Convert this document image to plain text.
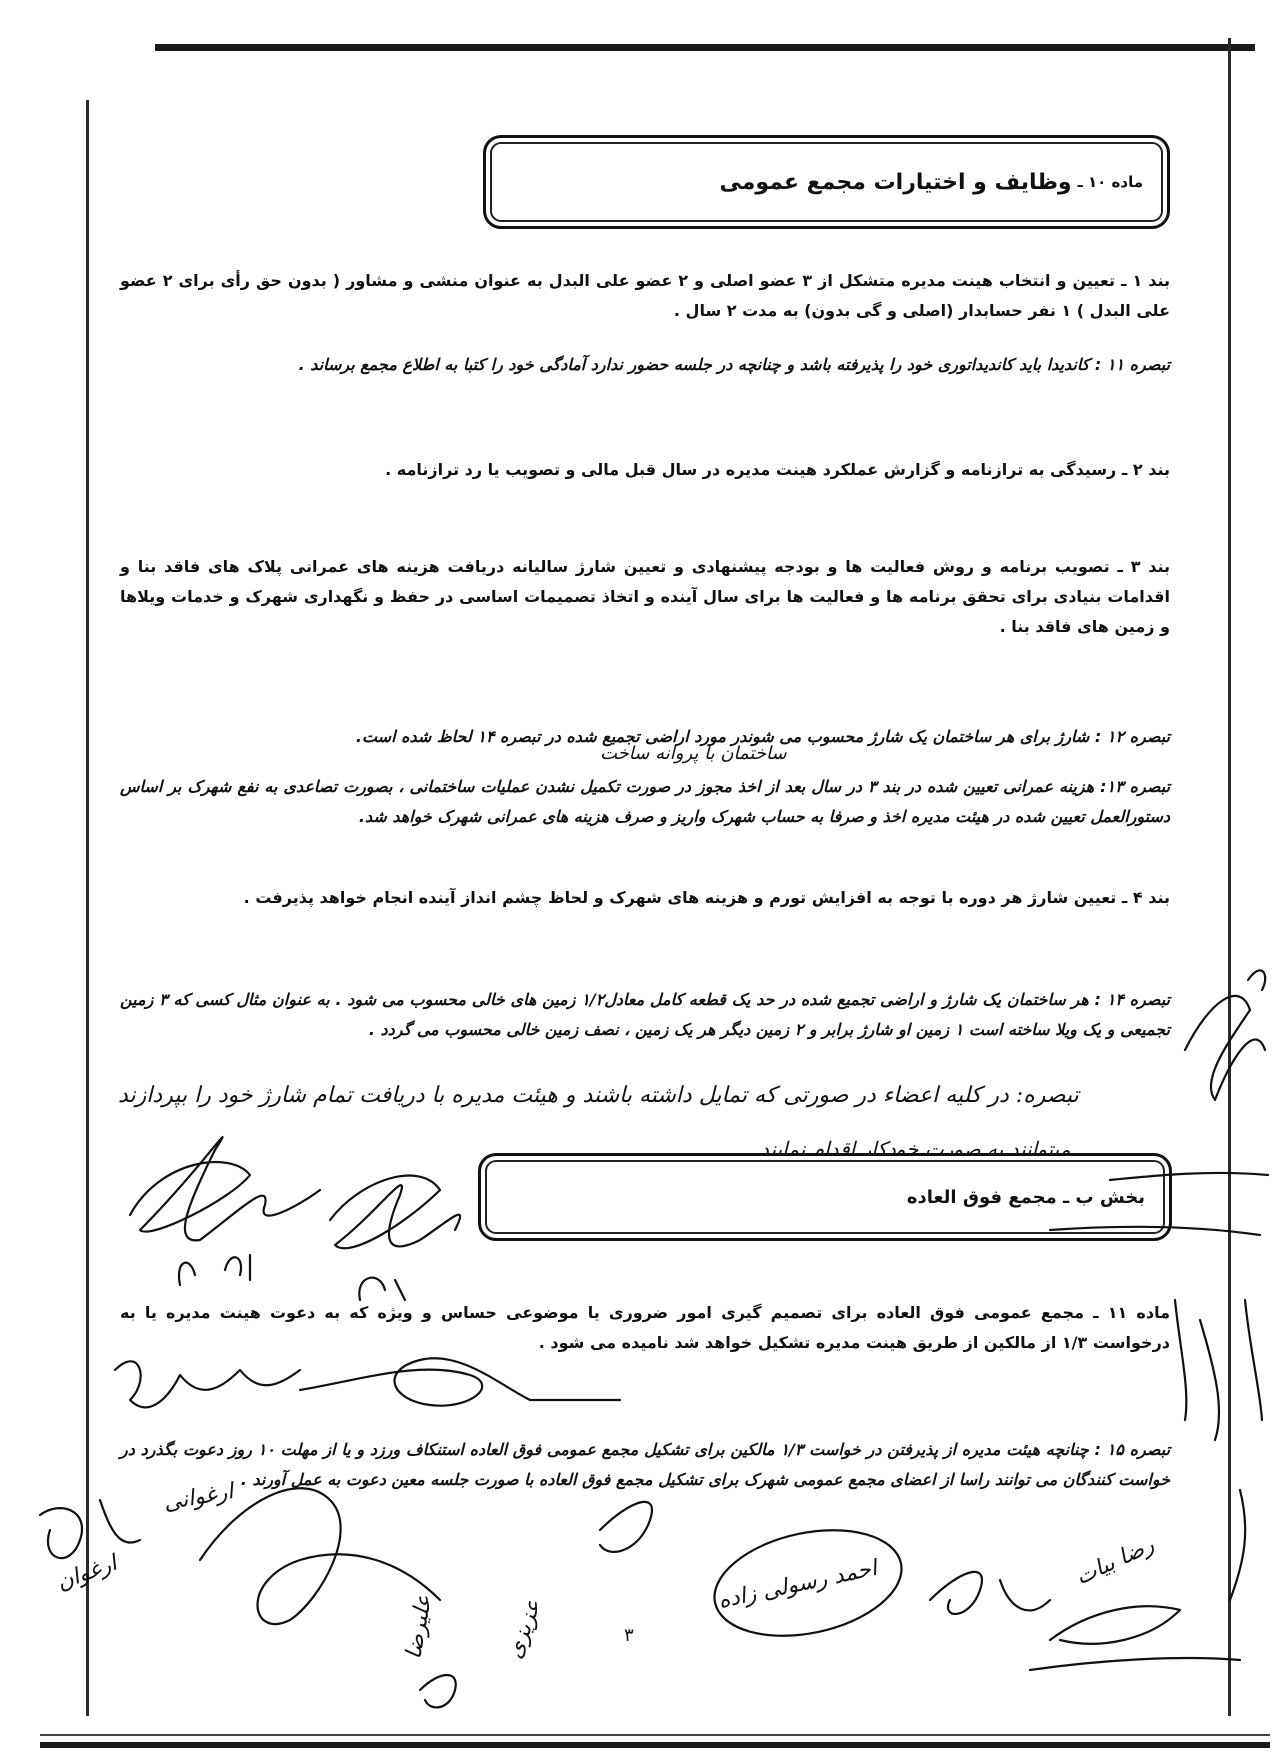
ماده ۱۰ ـ
وظایف و اختیارات مجمع عمومی
بند ۱ ـ تعیین و انتخاب هینت مدیره متشکل از ۳ عضو اصلی و ۲ عضو علی البدل به عنوان منشی و مشاور ( بدون حق رأی برای ۲ عضو علی البدل ) ۱ نفر حسابدار (اصلی و گی بدون) به مدت ۲ سال .
تبصره ۱۱ : کاندیدا باید کاندیداتوری خود را پذیرفته باشد و چنانچه در جلسه حضور ندارد آمادگی خود را کتبا به اطلاع مجمع برساند .
بند ۲ ـ رسیدگی به ترازنامه و گزارش عملکرد هینت مدیره در سال قبل مالی و تصویب یا رد ترازنامه .
بند ۳ ـ تصویب برنامه و روش فعالیت ها و بودجه پیشنهادی و تعیین شارژ سالیانه دریافت هزینه های عمرانی پلاک های فاقد بنا و اقدامات بنیادی برای تحقق برنامه ها و فعالیت ها برای سال آینده و اتخاذ تصمیمات اساسی در حفظ و نگهداری شهرک و خدمات ویلاها و زمین های فاقد بنا .
تبصره ۱۲ : شارژ برای هر ساختمان یک شارژ محسوب می شوندر مورد اراضی تجمیع شده در تبصره ۱۴ لحاظ شده است.
ساختمان با پروانه ساخت
تبصره ۱۳: هزینه عمرانی تعیین شده در بند ۳ در سال بعد از اخذ مجوز در صورت تکمیل نشدن عملیات ساختمانی ، بصورت تصاعدی به نفع شهرک بر اساس دستورالعمل تعیین شده در هیئت مدیره اخذ و صرفا به حساب شهرک واریز و صرف هزینه های عمرانی شهرک خواهد شد.
بند ۴ ـ تعیین شارژ هر دوره با توجه به افزایش تورم و هزینه های شهرک و لحاظ چشم انداز آینده انجام خواهد پذیرفت .
تبصره ۱۴ : هر ساختمان یک شارژ و اراضی تجمیع شده در حد یک قطعه کامل معادل۱/۲ زمین های خالی محسوب می شود . به عنوان مثال کسی که ۳ زمین تجمیعی و یک ویلا ساخته است ۱ زمین او شارژ برابر و ۲ زمین دیگر هر یک زمین ، نصف زمین خالی محسوب می گردد .
تبصره: در کلیه اعضاء در صورتی که تمایل داشته باشند و هیئت مدیره با دریافت تمام شارژ خود را بپردازند
میتوانند به صورت خودکار اقدام نمایند
بخش ب ـ مجمع فوق العاده
ماده ۱۱ ـ مجمع عمومی فوق العاده برای تصمیم گیری امور ضروری یا موضوعی حساس و ویژه که به دعوت هینت مدیره یا به درخواست ۱/۳ از مالکین از طریق هینت مدیره تشکیل خواهد شد نامیده می شود .
تبصره ۱۵ : چنانچه هیئت مدیره از پذیرفتن در خواست ۱/۳ مالکین برای تشکیل مجمع عمومی فوق العاده استنکاف ورزد و یا از مهلت ۱۰ روز دعوت بگذرد در خواست کنندگان می توانند راسا از اعضای مجمع عمومی شهرک برای تشکیل مجمع فوق العاده با صورت جلسه معین دعوت به عمل آورند .
۳
ارغوانی
علیرضا
ارغوان	رضا بیات
عزیزی
احمد رسولی زاده
